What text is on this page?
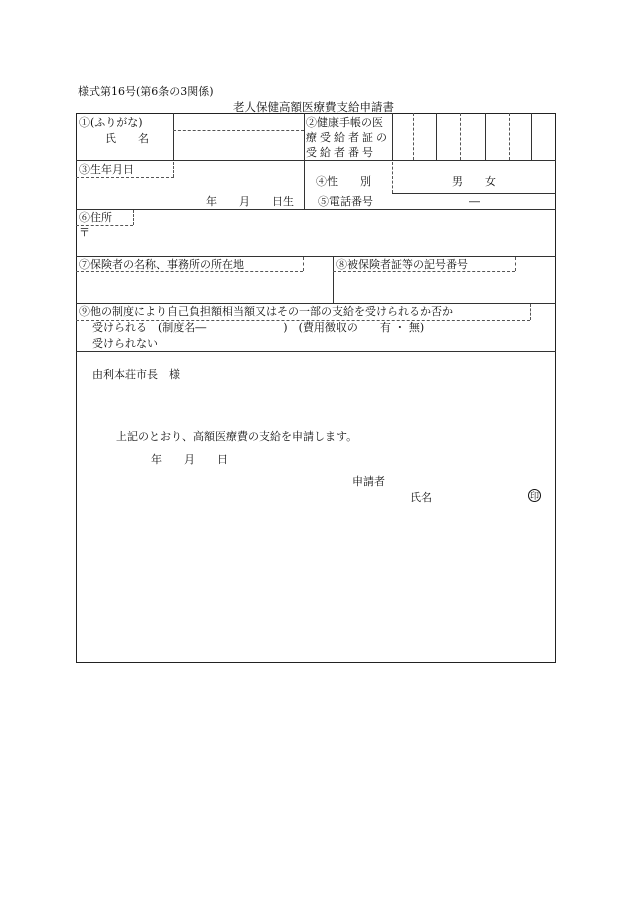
様式第16号(第6条の3関係)
老人保健高額医療費支給申請書
①(ふりがな)
氏　　名
②健康手帳の医
療受給者証の
受給者番号
③生年月日
年　　月　　日生
④性　　別	男　　女
⑤電話番号	―
⑥住所
〒
⑦保険者の名称、事務所の所在地	⑧被保険者証等の記号番号
⑨他の制度により自己負担額相当額又はその一部の支給を受けられるか否か
受けられる　(制度名―　　　　　　　)　(費用徴収の　　有 ・ 無)
受けられない
由利本荘市長　様
上記のとおり、高額医療費の支給を申請します。
年　　月　　日
申請者
氏名	印
